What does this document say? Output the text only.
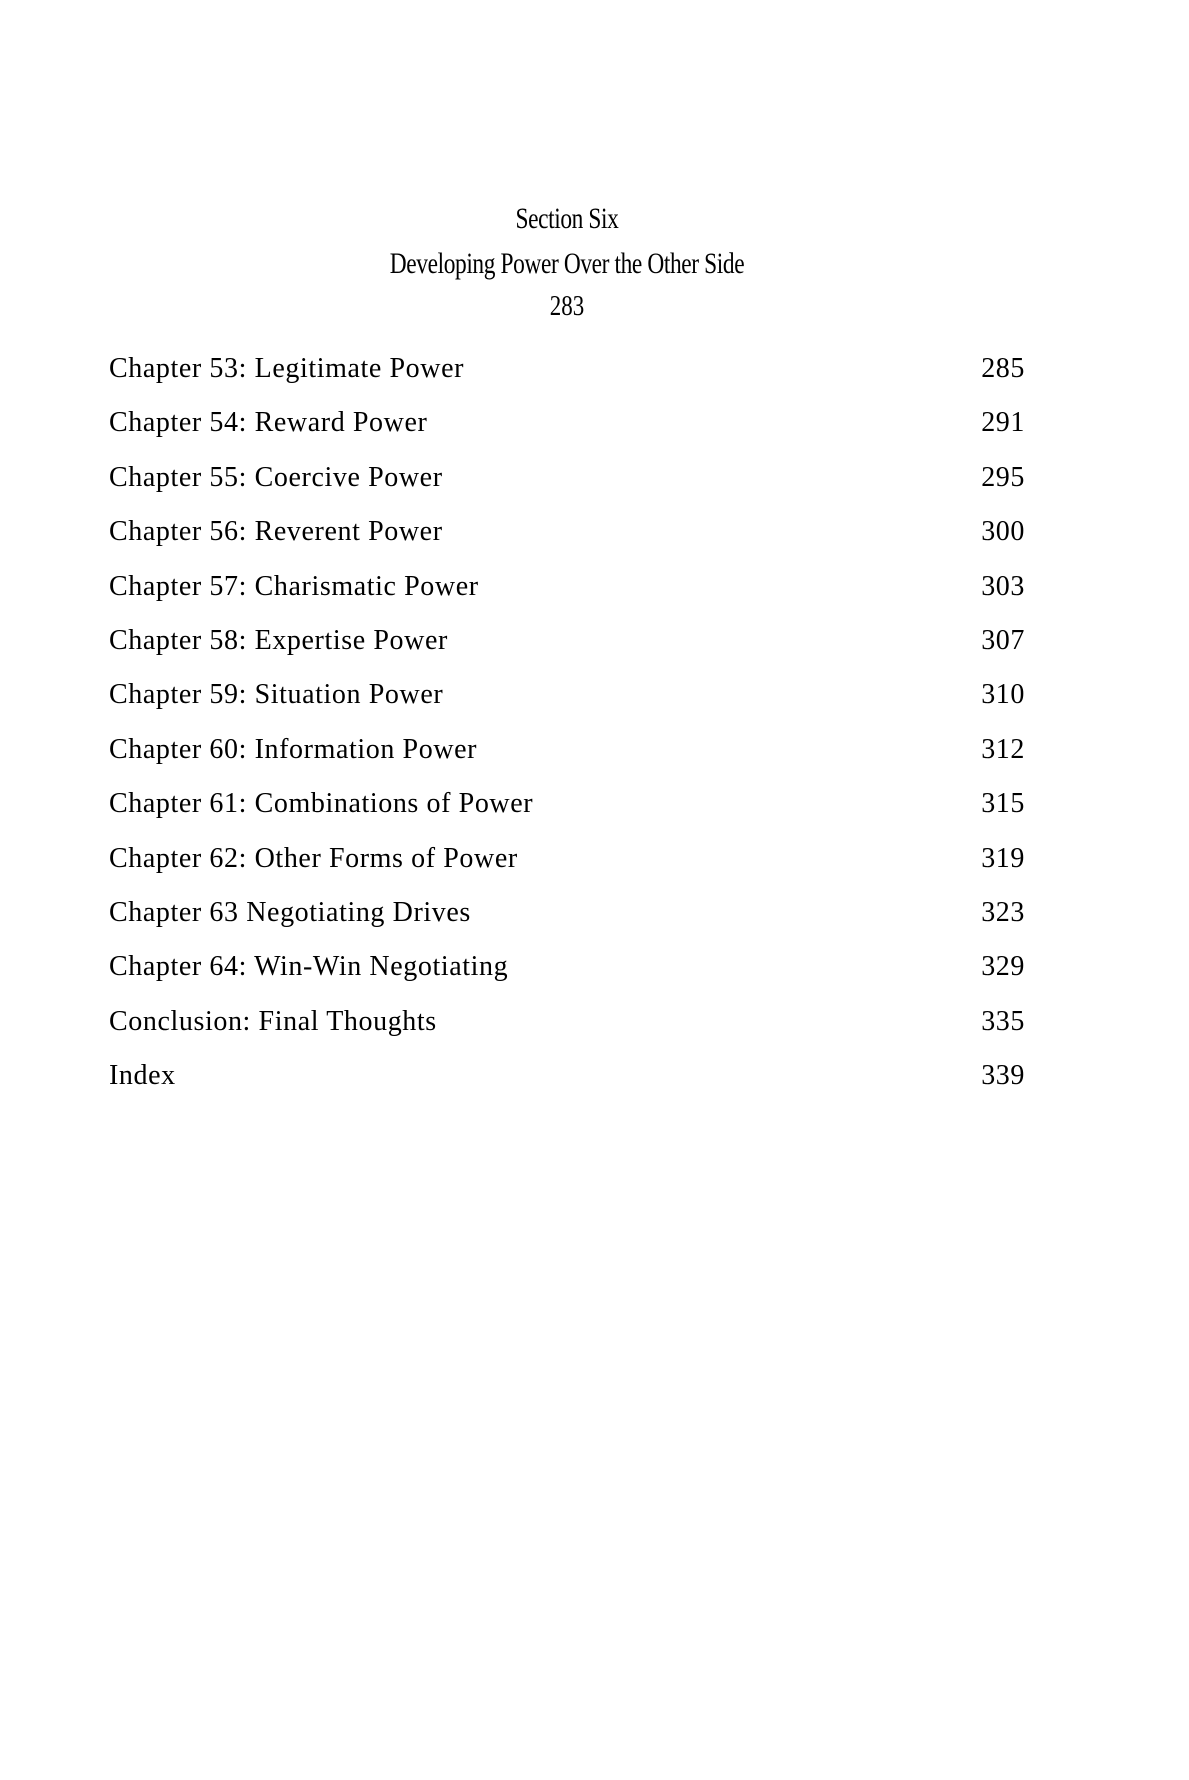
Section Six
Developing Power Over the Other Side
283
Chapter 53: Legitimate Power	285
Chapter 54: Reward Power	291
Chapter 55: Coercive Power	295
Chapter 56: Reverent Power	300
Chapter 57: Charismatic Power	303
Chapter 58: Expertise Power	307
Chapter 59: Situation Power	310
Chapter 60: Information Power	312
Chapter 61: Combinations of Power	315
Chapter 62: Other Forms of Power	319
Chapter 63 Negotiating Drives	323
Chapter 64: Win-Win Negotiating	329
Conclusion: Final Thoughts	335
Index	339
